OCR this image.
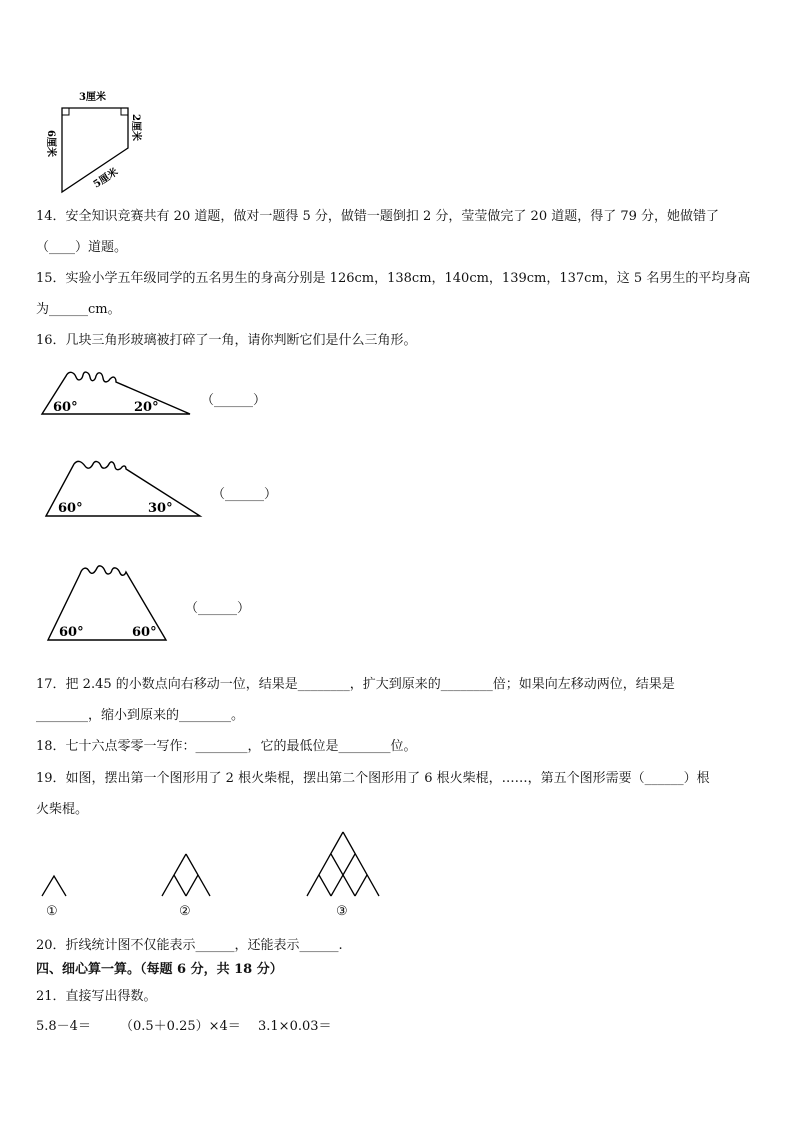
3厘米
6厘米
2厘米
5厘米
14．安全知识竞赛共有 20 道题，做对一题得 5 分，做错一题倒扣 2 分，莹莹做完了 20 道题，得了 79 分，她做错了
（____）道题。
15．实验小学五年级同学的五名男生的身高分别是 126cm，138cm，140cm，139cm，137cm，这 5 名男生的平均身高
为______cm。
16．几块三角形玻璃被打碎了一角，请你判断它们是什么三角形。
60°	20°	（______）
60°	30°
（______）
60°	60°
（______）
17．把 2.45 的小数点向右移动一位，结果是________，扩大到原来的________倍；如果向左移动两位，结果是
________，缩小到原来的________。
18．七十六点零零一写作：________，它的最低位是________位。
19．如图，摆出第一个图形用了 2 根火柴棍，摆出第二个图形用了 6 根火柴棍，……，第五个图形需要（______）根
火柴棍。
①	②	③
20．折线统计图不仅能表示______，还能表示______.
四、细心算一算。（每题 6 分，共 18 分）
21．直接写出得数。
5.8－4＝ （0.5＋0.25）×4＝ 3.1×0.03＝
